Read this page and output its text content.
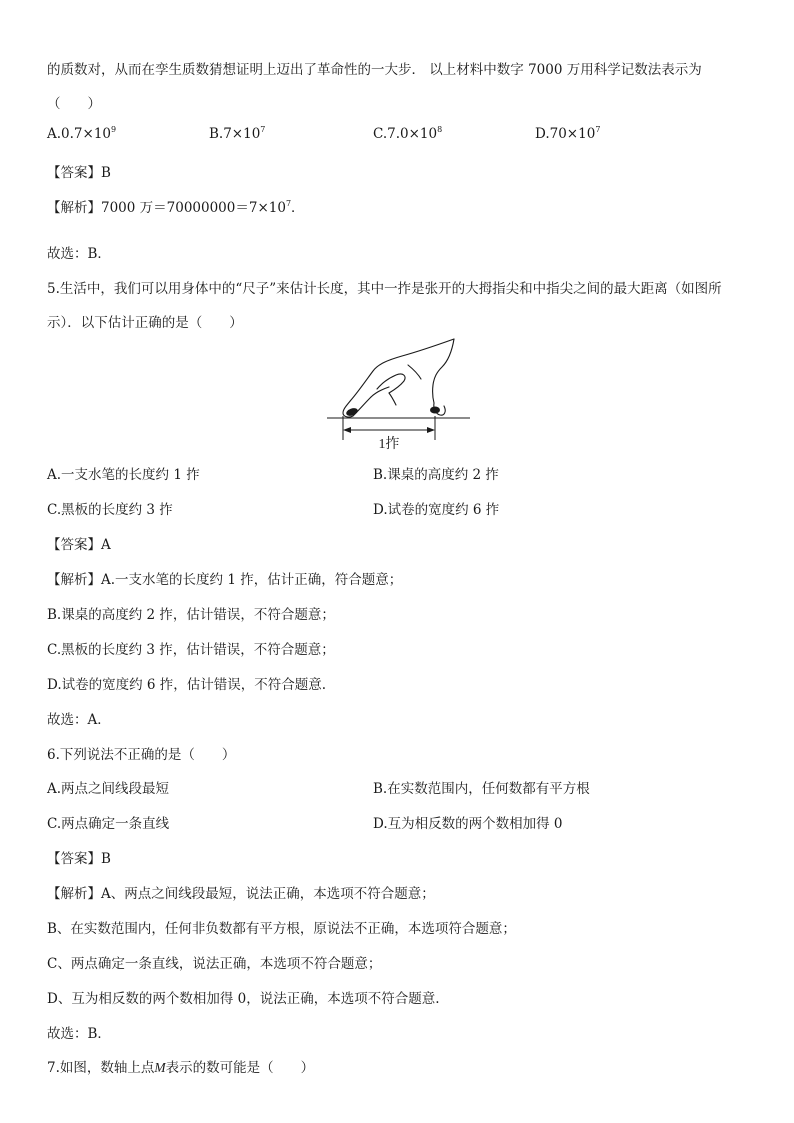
的质数对，从而在孪生质数猜想证明上迈出了革命性的一大步． 以上材料中数字 7000 万用科学记数法表示为
（　　）
$A.0.7\times 10^9$	$B.7\times 10^7$	$C.7.0\times 10^8$	$D.70\times 10^7$
【答案】B
【解析】7000 万$=70000000=7\times 10^7$．
故选：B．
5.生活中，我们可以用身体中的“尺子”来估计长度，其中一拃是张开的大拇指尖和中指尖之间的最大距离（如图所
示）．以下估计正确的是（　　）
1拃
A.一支水笔的长度约 1 拃	B.课桌的高度约 2 拃
C.黑板的长度约 3 拃	D.试卷的宽度约 6 拃
【答案】A
【解析】A.一支水笔的长度约 1 拃，估计正确，符合题意；
B.课桌的高度约 2 拃，估计错误，不符合题意；
C.黑板的长度约 3 拃，估计错误，不符合题意；
D.试卷的宽度约 6 拃，估计错误，不符合题意.
故选：A．
6.下列说法不正确的是（　　）
A.两点之间线段最短	B.在实数范围内，任何数都有平方根
C.两点确定一条直线	D.互为相反数的两个数相加得 0
【答案】B
【解析】A、两点之间线段最短，说法正确，本选项不符合题意；
B、在实数范围内，任何非负数都有平方根，原说法不正确，本选项符合题意；
C、两点确定一条直线，说法正确，本选项不符合题意；
D、互为相反数的两个数相加得 0，说法正确，本选项不符合题意.
故选：B．
7.如图，数轴上点M表示的数可能是（　　）
